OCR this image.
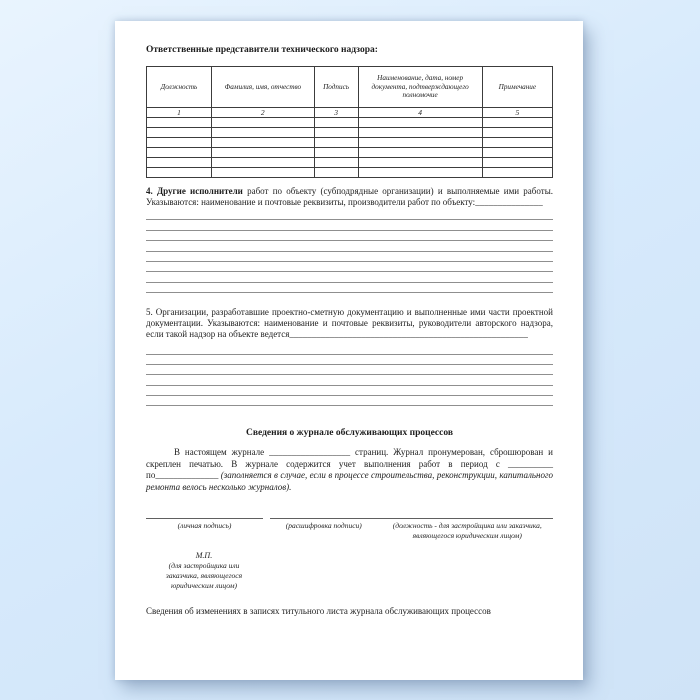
Ответственные представители технического надзора:
Должность	Фамилия, имя, отчество	Подпись	Наименование, дата, номер документа, подтверждающего полномочие	Примечание
1	2	3	4	5

4. Другие исполнители работ по объекту (субподрядные организации) и выполняемые ими работы. Указываются: наименование и почтовые реквизиты, производители работ по объекту:_______________
5. Организации, разработавшие проектно-сметную документацию и выполненные ими части проектной документации. Указываются: наименование и почтовые реквизиты, руководители авторского надзора, если такой надзор на объекте ведется_____________________________________________________
Сведения о журнале обслуживающих процессов
В настоящем журнале __________________ страниц. Журнал пронумерован, сброшюрован и скреплен печатью. В журнале содержится учет выполнения работ в период с __________ по______________ (заполняется в случае, если в процессе строительства, реконструкции, капитального ремонта велось несколько журналов).
(личная подпись)	(расшифровка подписи)	(должность - для застройщика или заказчика, являющегося юридическим лицом)
М.П.
(для застройщика или заказчика, являющегося юридическим лицом)
Сведения об изменениях в записях титульного листа журнала обслуживающих процессов
